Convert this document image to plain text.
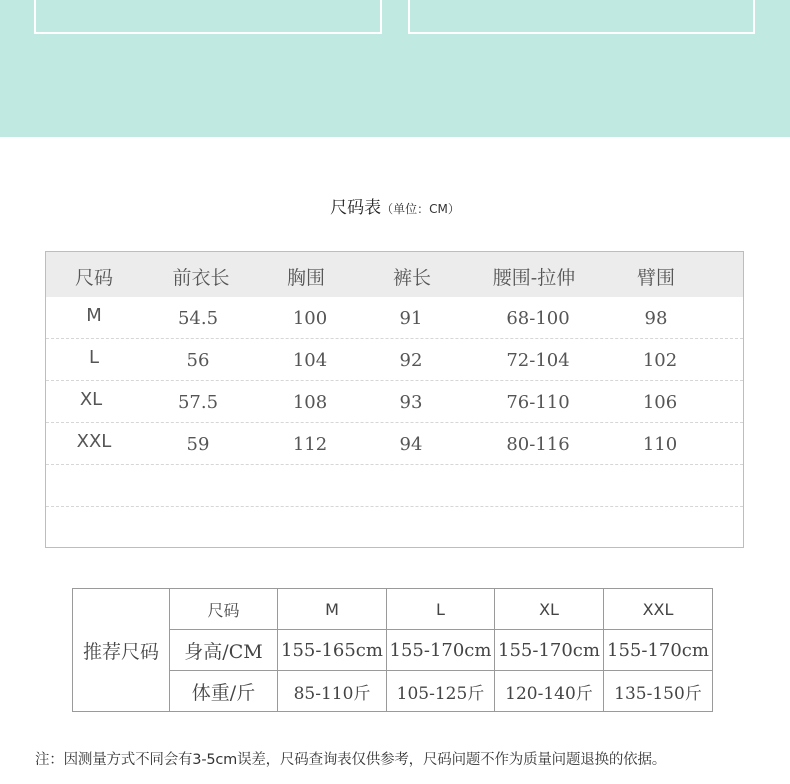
尺码表（单位：CM）
尺码	前衣长	胸围	裤长	腰围-拉伸	臂围
M	54.5	100	91	68-100	98
L	56	104	92	72-104	102
XL	57.5	108	93	76-110	106
XXL	59	112	94	80-116	110
推荐尺码	尺码	M	L	XL	XXL
	身高/CM	155-165cm	155-170cm	155-170cm	155-170cm
	体重/斤	85-110斤	105-125斤	120-140斤	135-150斤
注：因测量方式不同会有3-5cm误差，尺码查询表仅供参考，尺码问题不作为质量问题退换的依据。
